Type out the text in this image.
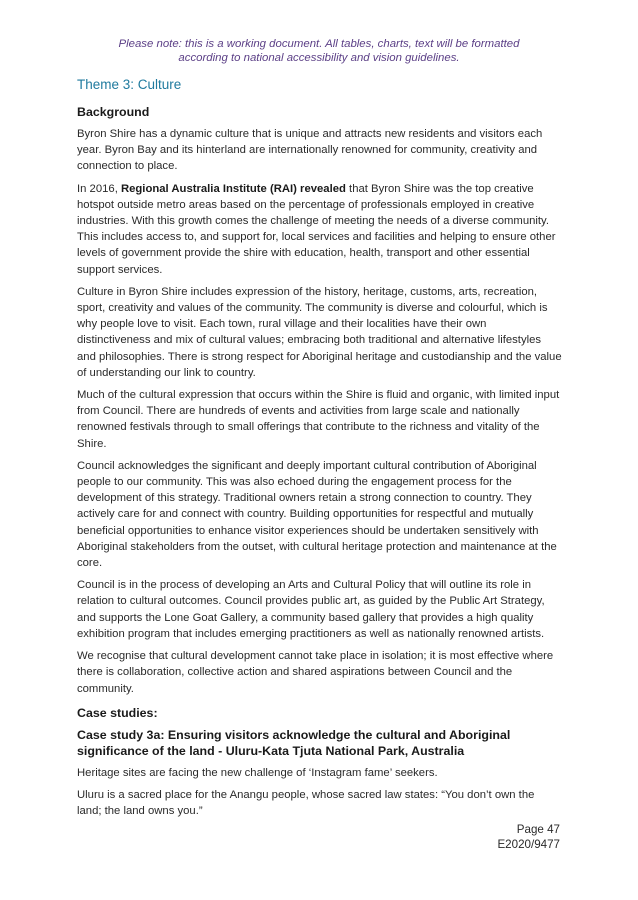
Please note: this is a working document. All tables, charts, text will be formatted
according to national accessibility and vision guidelines.
Theme 3: Culture
Background
Byron Shire has a dynamic culture that is unique and attracts new residents and visitors each year. Byron Bay and its hinterland are internationally renowned for community, creativity and connection to place.
In 2016, Regional Australia Institute (RAI) revealed that Byron Shire was the top creative hotspot outside metro areas based on the percentage of professionals employed in creative industries. With this growth comes the challenge of meeting the needs of a diverse community. This includes access to, and support for, local services and facilities and helping to ensure other levels of government provide the shire with education, health, transport and other essential support services.
Culture in Byron Shire includes expression of the history, heritage, customs, arts, recreation, sport, creativity and values of the community. The community is diverse and colourful, which is why people love to visit. Each town, rural village and their localities have their own distinctiveness and mix of cultural values; embracing both traditional and alternative lifestyles and philosophies. There is strong respect for Aboriginal heritage and custodianship and the value of understanding our link to country.
Much of the cultural expression that occurs within the Shire is fluid and organic, with limited input from Council. There are hundreds of events and activities from large scale and nationally renowned festivals through to small offerings that contribute to the richness and vitality of the Shire.
Council acknowledges the significant and deeply important cultural contribution of Aboriginal people to our community. This was also echoed during the engagement process for the development of this strategy. Traditional owners retain a strong connection to country. They actively care for and connect with country. Building opportunities for respectful and mutually beneficial opportunities to enhance visitor experiences should be undertaken sensitively with Aboriginal stakeholders from the outset, with cultural heritage protection and maintenance at the core.
Council is in the process of developing an Arts and Cultural Policy that will outline its role in relation to cultural outcomes. Council provides public art, as guided by the Public Art Strategy, and supports the Lone Goat Gallery, a community based gallery that provides a high quality exhibition program that includes emerging practitioners as well as nationally renowned artists.
We recognise that cultural development cannot take place in isolation; it is most effective where there is collaboration, collective action and shared aspirations between Council and the community.
Case studies:
Case study 3a: Ensuring visitors acknowledge the cultural and Aboriginal significance of the land - Uluru-Kata Tjuta National Park, Australia
Heritage sites are facing the new challenge of ‘Instagram fame’ seekers.
Uluru is a sacred place for the Anangu people, whose sacred law states: “You don’t own the land; the land owns you.”
Page 47
E2020/9477
